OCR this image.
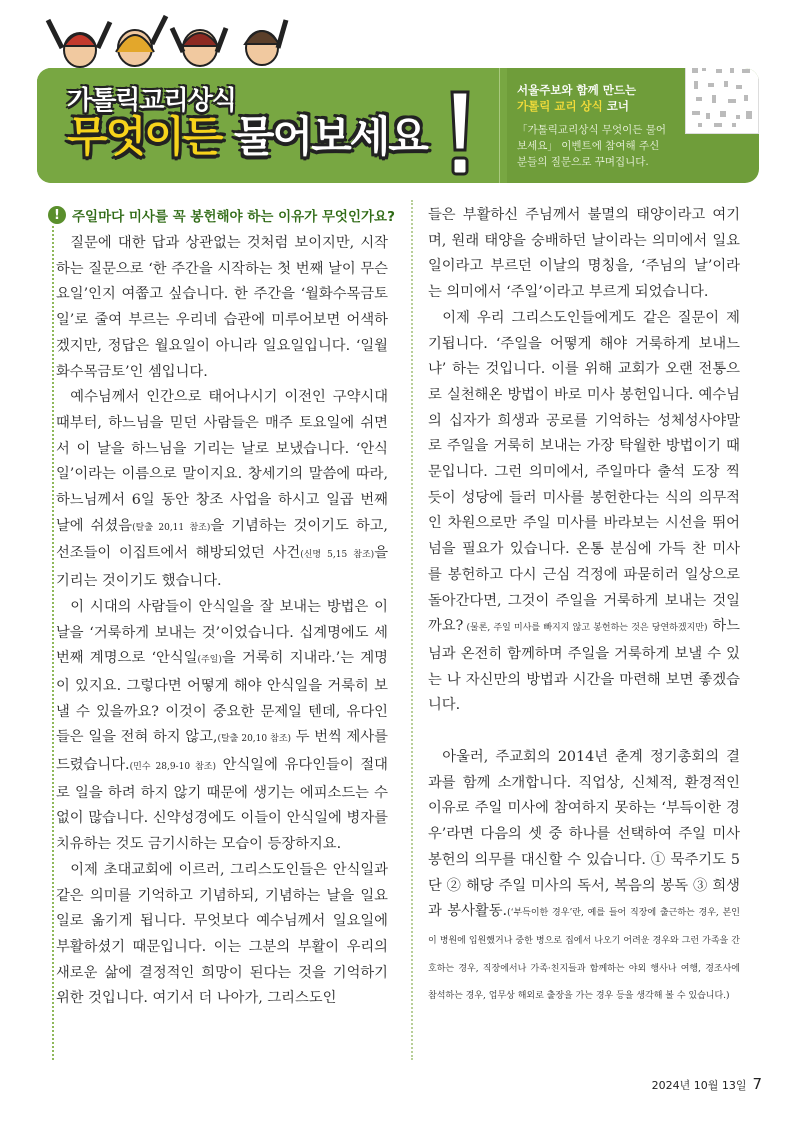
가톨릭교리상식
무엇이든 물어보세요

서울주보와 함께 만드는

가톨릭 교리 상식 코너

「가톨릭교리상식 무엇이든 물어보세요」 이벤트에 참여해 주신 분들의 질문으로 꾸며집니다.

! 주일마다 미사를 꼭 봉헌해야 하는 이유가 무엇인가요?

질문에 대한 답과 상관없는 것처럼 보이지만, 시작하는 질문으로 ‘한 주간을 시작하는 첫 번째 날이 무슨 요일’인지 여쭙고 싶습니다. 한 주간을 ‘월화수목금토일’로 줄여 부르는 우리네 습관에 미루어보면 어색하겠지만, 정답은 월요일이 아니라 일요일입니다. ‘일월화수목금토’인 셈입니다.

예수님께서 인간으로 태어나시기 이전인 구약시대 때부터, 하느님을 믿던 사람들은 매주 토요일에 쉬면서 이 날을 하느님을 기리는 날로 보냈습니다. ‘안식일’이라는 이름으로 말이지요. 창세기의 말씀에 따라, 하느님께서 6일 동안 창조 사업을 하시고 일곱 번째 날에 쉬셨음(탈출 20,11 참조)을 기념하는 것이기도 하고, 선조들이 이집트에서 해방되었던 사건(신명 5,15 참조)을 기리는 것이기도 했습니다.

이 시대의 사람들이 안식일을 잘 보내는 방법은 이 날을 ‘거룩하게 보내는 것’이었습니다. 십계명에도 세 번째 계명으로 ‘안식일(주일)을 거룩히 지내라.’는 계명이 있지요. 그렇다면 어떻게 해야 안식일을 거룩히 보낼 수 있을까요? 이것이 중요한 문제일 텐데, 유다인들은 일을 전혀 하지 않고,(탈출 20,10 참조) 두 번씩 제사를 드렸습니다.(민수 28,9-10 참조) 안식일에 유다인들이 절대로 일을 하려 하지 않기 때문에 생기는 에피소드는 수없이 많습니다. 신약성경에도 이들이 안식일에 병자를 치유하는 것도 금기시하는 모습이 등장하지요.

이제 초대교회에 이르러, 그리스도인들은 안식일과 같은 의미를 기억하고 기념하되, 기념하는 날을 일요일로 옮기게 됩니다. 무엇보다 예수님께서 일요일에 부활하셨기 때문입니다. 이는 그분의 부활이 우리의 새로운 삶에 결정적인 희망이 된다는 것을 기억하기 위한 것입니다. 여기서 더 나아가, 그리스도인

들은 부활하신 주님께서 불멸의 태양이라고 여기며, 원래 태양을 숭배하던 날이라는 의미에서 일요일이라고 부르던 이날의 명칭을, ‘주님의 날’이라는 의미에서 ‘주일’이라고 부르게 되었습니다.

이제 우리 그리스도인들에게도 같은 질문이 제기됩니다. ‘주일을 어떻게 해야 거룩하게 보내느냐’ 하는 것입니다. 이를 위해 교회가 오랜 전통으로 실천해온 방법이 바로 미사 봉헌입니다. 예수님의 십자가 희생과 공로를 기억하는 성체성사야말로 주일을 거룩히 보내는 가장 탁월한 방법이기 때문입니다. 그런 의미에서, 주일마다 출석 도장 찍듯이 성당에 들러 미사를 봉헌한다는 식의 의무적인 차원으로만 주일 미사를 바라보는 시선을 뛰어넘을 필요가 있습니다. 온통 분심에 가득 찬 미사를 봉헌하고 다시 근심 걱정에 파묻히러 일상으로 돌아간다면, 그것이 주일을 거룩하게 보내는 것일까요? (물론, 주일 미사를 빠지지 않고 봉헌하는 것은 당연하겠지만) 하느님과 온전히 함께하며 주일을 거룩하게 보낼 수 있는 나 자신만의 방법과 시간을 마련해 보면 좋겠습니다.

아울러, 주교회의 2014년 춘계 정기총회의 결과를 함께 소개합니다. 직업상, 신체적, 환경적인 이유로 주일 미사에 참여하지 못하는 ‘부득이한 경우’라면 다음의 셋 중 하나를 선택하여 주일 미사 봉헌의 의무를 대신할 수 있습니다. ① 묵주기도 5단 ② 해당 주일 미사의 독서, 복음의 봉독 ③ 희생과 봉사활동.(‘부득이한 경우’란, 예를 들어 직장에 출근하는 경우, 본인이 병원에 입원했거나 중한 병으로 집에서 나오기 어려운 경우와 그런 가족을 간호하는 경우, 직장에서나 가족·친지들과 함께하는 야외 행사나 여행, 경조사에 참석하는 경우, 업무상 해외로 출장을 가는 경우 등을 생각해 볼 수 있습니다.)

2024년 10월 13일 7
